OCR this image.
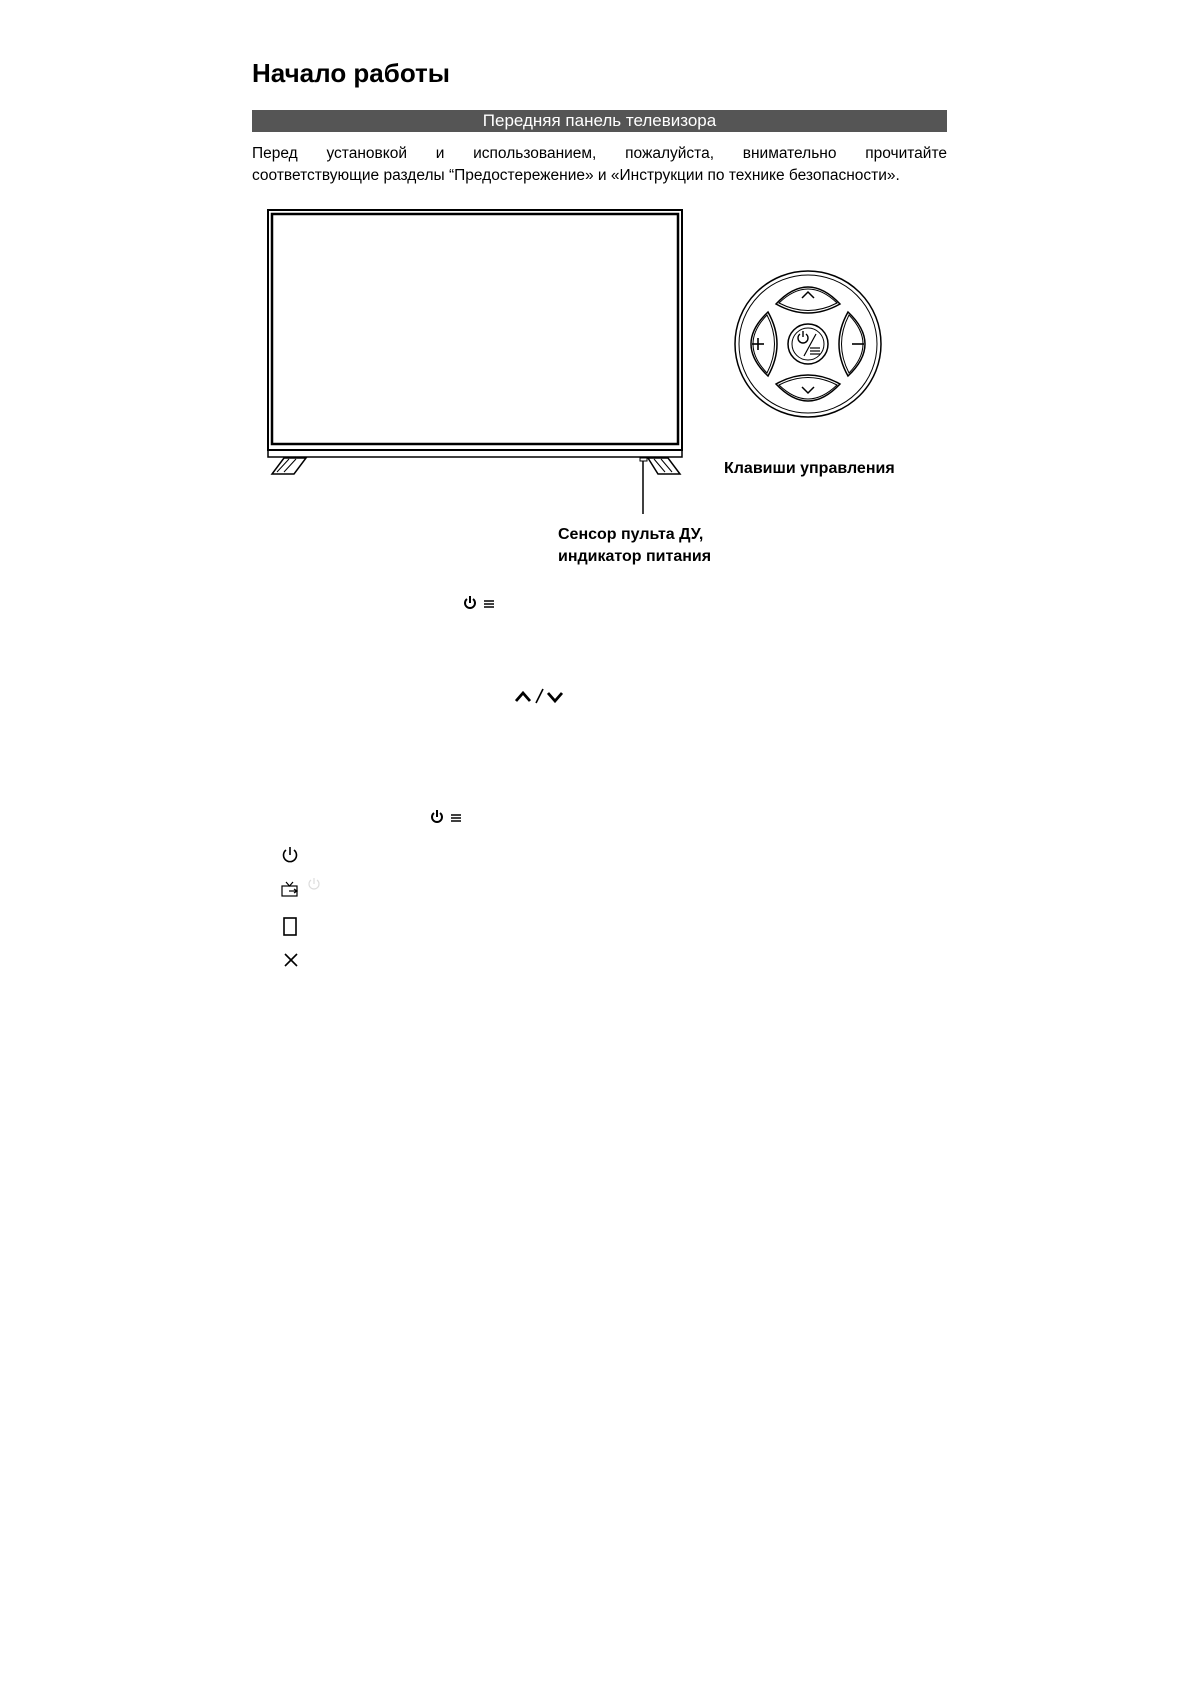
Начало работы
Передняя панель телевизора

Перед установкой и использованием, пожалуйста, внимательно прочитайте
соответствующие разделы “Предостережение» и «Инструкции по технике безопасности».

Клавиши управления

Сенсор пульта ДУ,

индикатор питания
